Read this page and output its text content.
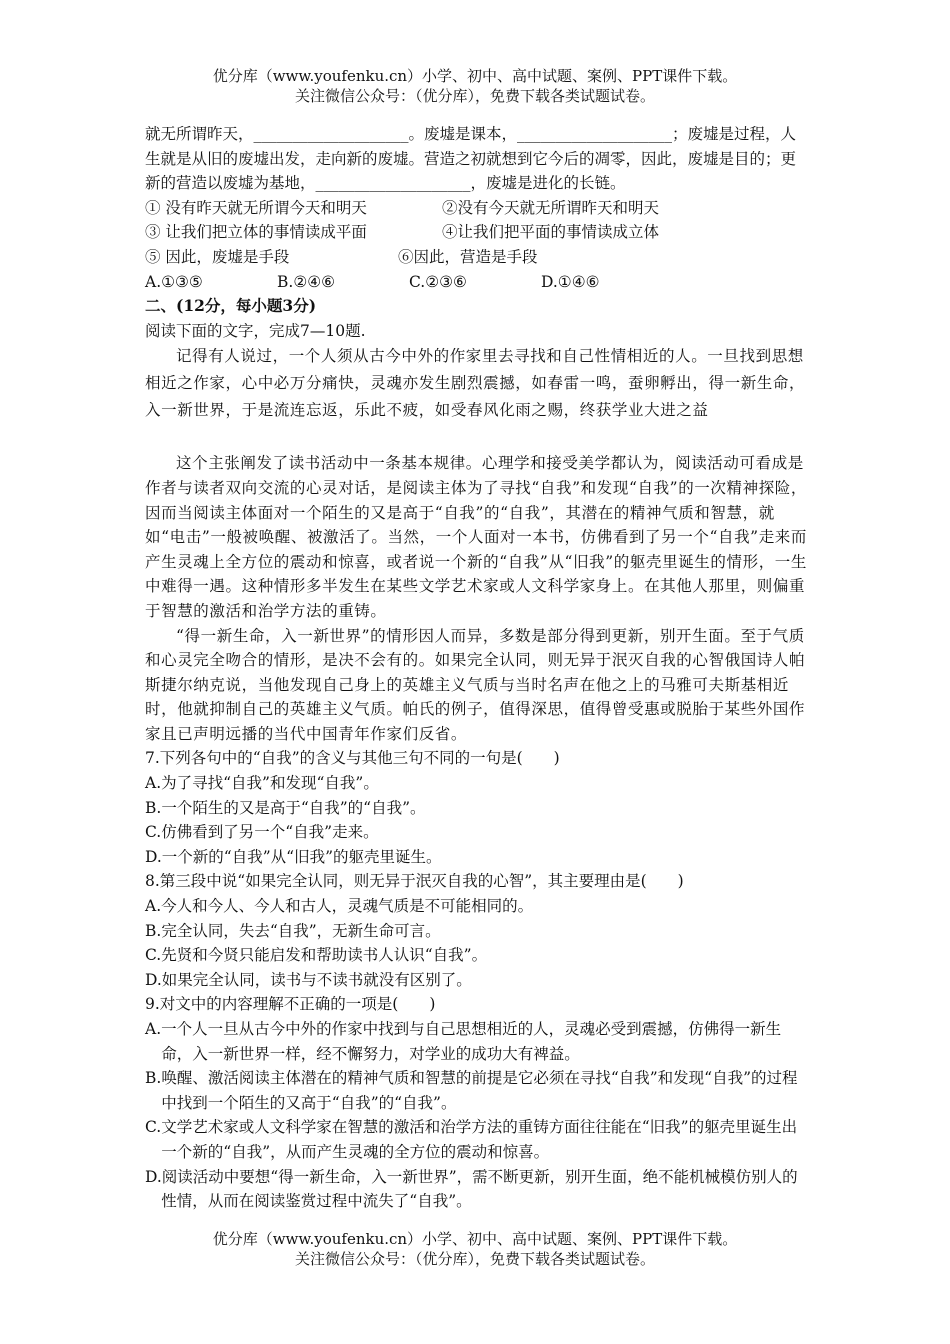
优分库（www.youfenku.cn）小学、初中、高中试题、案例、PPT课件下载。
关注微信公众号：（优分库），免费下载各类试题试卷。

就无所谓昨天，____________________。废墟是课本，____________________；废墟是过程，人生就是从旧的废墟出发，走向新的废墟。营造之初就想到它今后的凋零，因此，废墟是目的；更新的营造以废墟为基地，____________________，废墟是进化的长链。

① 没有昨天就无所谓今天和明天	②没有今天就无所谓昨天和明天
③ 让我们把立体的事情读成平面	④让我们把平面的事情读成立体
⑤ 因此，废墟是手段	⑥因此，营造是手段
A.①③⑤	B.②④⑥	C.②③⑥	D.①④⑥

二、(12分，每小题3分)

阅读下面的文字，完成7—10题.

记得有人说过，一个人须从古今中外的作家里去寻找和自己性情相近的人。一旦找到思想相近之作家，心中必万分痛快，灵魂亦发生剧烈震撼，如春雷一鸣，蚕卵孵出，得一新生命，入一新世界，于是流连忘返，乐此不疲，如受春风化雨之赐，终获学业大进之益

这个主张阐发了读书活动中一条基本规律。心理学和接受美学都认为，阅读活动可看成是作者与读者双向交流的心灵对话，是阅读主体为了寻找“自我”和发现“自我”的一次精神探险，因而当阅读主体面对一个陌生的又是高于“自我”的“自我”，其潜在的精神气质和智慧，就如“电击”一般被唤醒、被激活了。当然，一个人面对一本书，仿佛看到了另一个“自我”走来而产生灵魂上全方位的震动和惊喜，或者说一个新的“自我”从“旧我”的躯壳里诞生的情形，一生中难得一遇。这种情形多半发生在某些文学艺术家或人文科学家身上。在其他人那里，则偏重于智慧的激活和治学方法的重铸。

“得一新生命，入一新世界”的情形因人而异，多数是部分得到更新，别开生面。至于气质和心灵完全吻合的情形，是决不会有的。如果完全认同，则无异于泯灭自我的心智俄国诗人帕斯捷尔纳克说，当他发现自己身上的英雄主义气质与当时名声在他之上的马雅可夫斯基相近时，他就抑制自己的英雄主义气质。帕氏的例子，值得深思，值得曾受惠或脱胎于某些外国作家且已声明远播的当代中国青年作家们反省。

7.下列各句中的“自我”的含义与其他三句不同的一句是(　　)

A.为了寻找“自我”和发现“自我”。

B.一个陌生的又是高于“自我”的“自我”。

C.仿佛看到了另一个“自我”走来。

D.一个新的“自我”从“旧我”的躯壳里诞生。

8.第三段中说“如果完全认同，则无异于泯灭自我的心智”，其主要理由是(　　)

A.今人和今人、今人和古人，灵魂气质是不可能相同的。

B.完全认同，失去“自我”，无新生命可言。

C.先贤和今贤只能启发和帮助读书人认识“自我”。

D.如果完全认同，读书与不读书就没有区别了。

9.对文中的内容理解不正确的一项是(　　)

A.一个人一旦从古今中外的作家中找到与自己思想相近的人，灵魂必受到震撼，仿佛得一新生命，入一新世界一样，经不懈努力，对学业的成功大有裨益。

B.唤醒、激活阅读主体潜在的精神气质和智慧的前提是它必须在寻找“自我”和发现“自我”的过程中找到一个陌生的又高于“自我”的“自我”。

C.文学艺术家或人文科学家在智慧的激活和治学方法的重铸方面往往能在“旧我”的躯壳里诞生出一个新的“自我”，从而产生灵魂的全方位的震动和惊喜。

D.阅读活动中要想“得一新生命，入一新世界”，需不断更新，别开生面，绝不能机械模仿别人的性情，从而在阅读鉴赏过程中流失了“自我”。

优分库（www.youfenku.cn）小学、初中、高中试题、案例、PPT课件下载。
关注微信公众号：（优分库），免费下载各类试题试卷。
